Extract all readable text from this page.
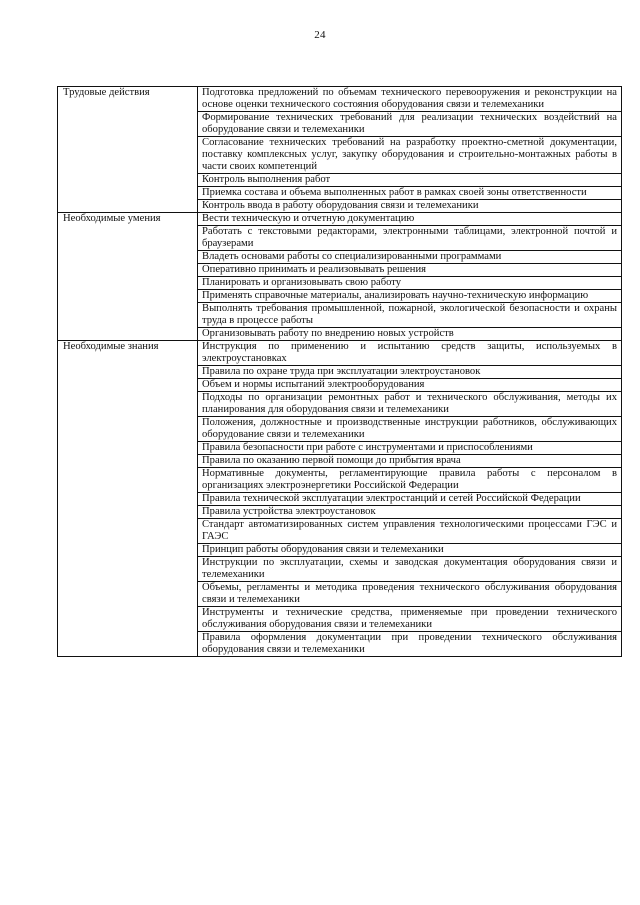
24
Трудовые действия	Подготовка предложений по объемам технического перевооружения и реконструкции на основе оценки технического состояния оборудования связи и телемеханики
	Формирование технических требований для реализации технических воздействий на оборудование связи и телемеханики
	Согласование технических требований на разработку проектно-сметной документации, поставку комплексных услуг, закупку оборудования и строительно-монтажных работы в части своих компетенций
	Контроль выполнения работ
	Приемка состава и объема выполненных работ в рамках своей зоны ответственности
	Контроль ввода в работу оборудования связи и телемеханики
Необходимые умения	Вести техническую и отчетную документацию
	Работать с текстовыми редакторами, электронными таблицами, электронной почтой и браузерами
	Владеть основами работы со специализированными программами
	Оперативно принимать и реализовывать решения
	Планировать и организовывать свою работу
	Применять справочные материалы, анализировать научно-техническую информацию
	Выполнять требования промышленной, пожарной, экологической безопасности и охраны труда в процессе работы
	Организовывать работу по внедрению новых устройств
Необходимые знания	Инструкция по применению и испытанию средств защиты, используемых в электроустановках
	Правила по охране труда при эксплуатации электроустановок
	Объем и нормы испытаний электрооборудования
	Подходы по организации ремонтных работ и технического обслуживания, методы их планирования для оборудования связи и телемеханики
	Положения, должностные и производственные инструкции работников, обслуживающих оборудование связи и телемеханики
	Правила безопасности при работе с инструментами и приспособлениями
	Правила по оказанию первой помощи до прибытия врача
	Нормативные документы, регламентирующие правила работы с персоналом в организациях электроэнергетики Российской Федерации
	Правила технической эксплуатации электростанций и сетей Российской Федерации
	Правила устройства электроустановок
	Стандарт автоматизированных систем управления технологическими процессами ГЭС и ГАЭС
	Принцип работы оборудования связи и телемеханики
	Инструкции по эксплуатации, схемы и заводская документация оборудования связи и телемеханики
	Объемы, регламенты и методика проведения технического обслуживания оборудования связи и телемеханики
	Инструменты и технические средства, применяемые при проведении технического обслуживания оборудования связи и телемеханики
	Правила оформления документации при проведении технического обслуживания оборудования связи и телемеханики
